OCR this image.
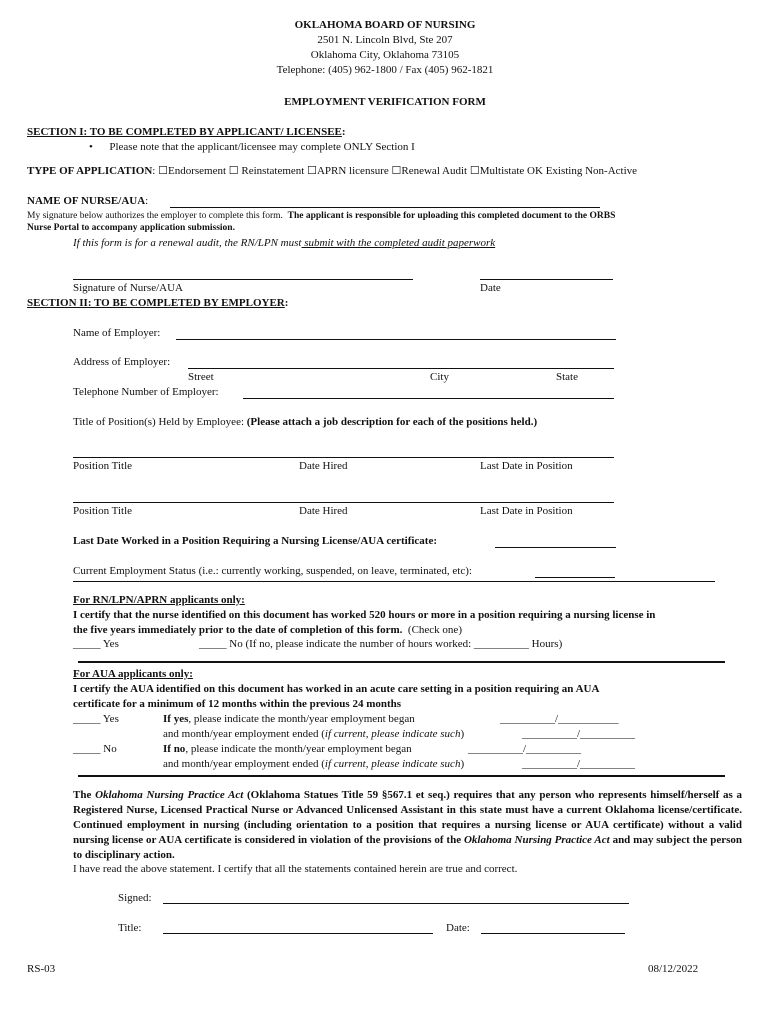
OKLAHOMA BOARD OF NURSING
2501 N. Lincoln Blvd, Ste 207
Oklahoma City, Oklahoma 73105
Telephone: (405) 962-1800 / Fax (405) 962-1821
EMPLOYMENT VERIFICATION FORM
SECTION I: TO BE COMPLETED BY APPLICANT/ LICENSEE:
•      Please note that the applicant/licensee may complete ONLY Section I
TYPE OF APPLICATION: ☐Endorsement ☐ Reinstatement ☐APRN licensure ☐Renewal Audit ☐Multistate OK Existing Non-Active
NAME OF NURSE/AUA:
My signature below authorizes the employer to complete this form. The applicant is responsible for uploading this completed document to the ORBS
Nurse Portal to accompany application submission.
If this form is for a renewal audit, the RN/LPN must submit with the completed audit paperwork
Signature of Nurse/AUA	Date
SECTION II: TO BE COMPLETED BY EMPLOYER:
Name of Employer:
Address of Employer:
Street	City	State
Telephone Number of Employer:
Title of Position(s) Held by Employee: (Please attach a job description for each of the positions held.)
Position Title	Date Hired	Last Date in Position
Position Title	Date Hired	Last Date in Position
Last Date Worked in a Position Requiring a Nursing License/AUA certificate:
Current Employment Status (i.e.: currently working, suspended, on leave, terminated, etc):
For RN/LPN/APRN applicants only:
I certify that the nurse identified on this document has worked 520 hours or more in a position requiring a nursing license in
the five years immediately prior to the date of completion of this form. (Check one)
_____ Yes	_____ No (If no, please indicate the number of hours worked: __________ Hours)
For AUA applicants only:
I certify the AUA identified on this document has worked in an acute care setting in a position requiring an AUA
certificate for a minimum of 12 months within the previous 24 months
_____ Yes	If yes, please indicate the month/year employment began	__________/___________
and month/year employment ended (if current, please indicate such)	__________/__________
_____ No	If no, please indicate the month/year employment began	__________/__________
and month/year employment ended (if current, please indicate such)	__________/__________
The Oklahoma Nursing Practice Act (Oklahoma Statues Title 59 §567.1 et seq.) requires that any person who represents himself/herself as a Registered Nurse, Licensed Practical Nurse or Advanced Unlicensed Assistant in this state must have a current Oklahoma license/certificate. Continued employment in nursing (including orientation to a position that requires a nursing license or AUA certificate) without a valid nursing license or AUA certificate is considered in violation of the provisions of the Oklahoma Nursing Practice Act and may subject the person to disciplinary action.
I have read the above statement. I certify that all the statements contained herein are true and correct.
Signed:
Title:	Date:
RS-03	08/12/2022
